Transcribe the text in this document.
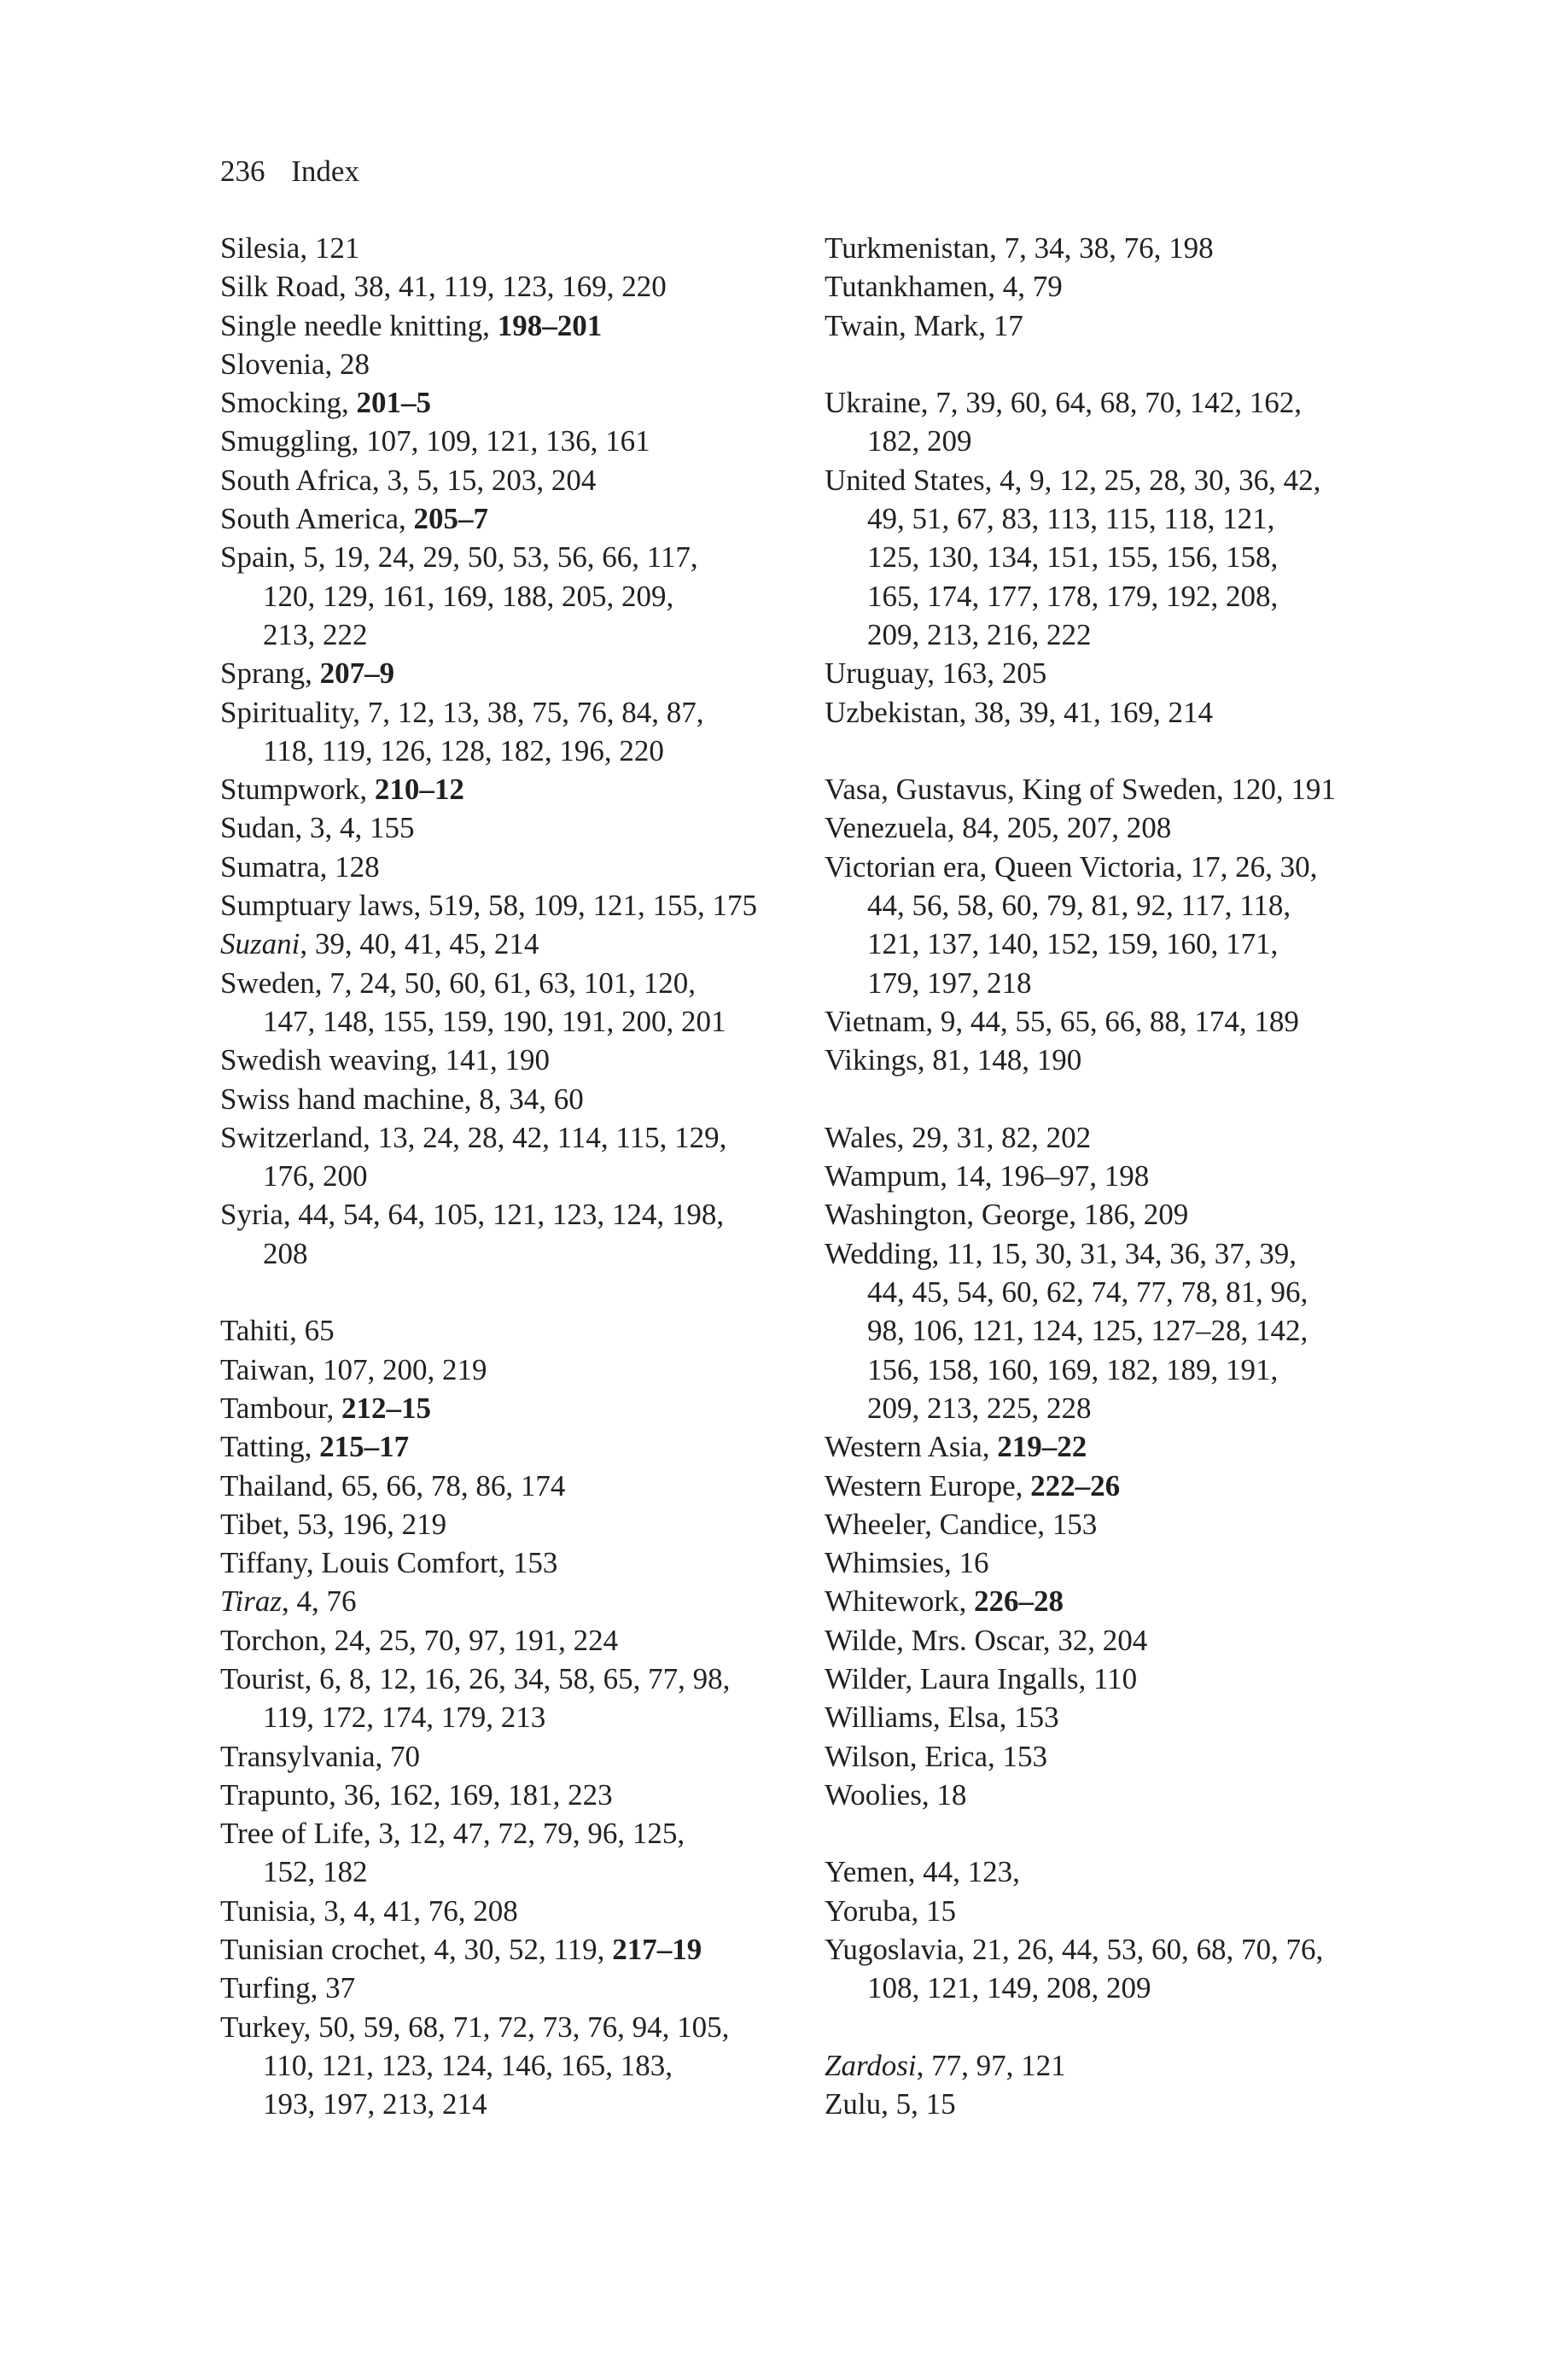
236 Index
Silesia, 121
Silk Road, 38, 41, 119, 123, 169, 220
Single needle knitting, 198–201
Slovenia, 28
Smocking, 201–5
Smuggling, 107, 109, 121, 136, 161
South Africa, 3, 5, 15, 203, 204
South America, 205–7
Spain, 5, 19, 24, 29, 50, 53, 56, 66, 117,
120, 129, 161, 169, 188, 205, 209,
213, 222
Sprang, 207–9
Spirituality, 7, 12, 13, 38, 75, 76, 84, 87,
118, 119, 126, 128, 182, 196, 220
Stumpwork, 210–12
Sudan, 3, 4, 155
Sumatra, 128
Sumptuary laws, 519, 58, 109, 121, 155, 175
Suzani, 39, 40, 41, 45, 214
Sweden, 7, 24, 50, 60, 61, 63, 101, 120,
147, 148, 155, 159, 190, 191, 200, 201
Swedish weaving, 141, 190
Swiss hand machine, 8, 34, 60
Switzerland, 13, 24, 28, 42, 114, 115, 129,
176, 200
Syria, 44, 54, 64, 105, 121, 123, 124, 198,
208
Tahiti, 65
Taiwan, 107, 200, 219
Tambour, 212–15
Tatting, 215–17
Thailand, 65, 66, 78, 86, 174
Tibet, 53, 196, 219
Tiffany, Louis Comfort, 153
Tiraz, 4, 76
Torchon, 24, 25, 70, 97, 191, 224
Tourist, 6, 8, 12, 16, 26, 34, 58, 65, 77, 98,
119, 172, 174, 179, 213
Transylvania, 70
Trapunto, 36, 162, 169, 181, 223
Tree of Life, 3, 12, 47, 72, 79, 96, 125,
152, 182
Tunisia, 3, 4, 41, 76, 208
Tunisian crochet, 4, 30, 52, 119, 217–19
Turfing, 37
Turkey, 50, 59, 68, 71, 72, 73, 76, 94, 105,
110, 121, 123, 124, 146, 165, 183,
193, 197, 213, 214
Turkmenistan, 7, 34, 38, 76, 198
Tutankhamen, 4, 79
Twain, Mark, 17
Ukraine, 7, 39, 60, 64, 68, 70, 142, 162,
182, 209
United States, 4, 9, 12, 25, 28, 30, 36, 42,
49, 51, 67, 83, 113, 115, 118, 121,
125, 130, 134, 151, 155, 156, 158,
165, 174, 177, 178, 179, 192, 208,
209, 213, 216, 222
Uruguay, 163, 205
Uzbekistan, 38, 39, 41, 169, 214
Vasa, Gustavus, King of Sweden, 120, 191
Venezuela, 84, 205, 207, 208
Victorian era, Queen Victoria, 17, 26, 30,
44, 56, 58, 60, 79, 81, 92, 117, 118,
121, 137, 140, 152, 159, 160, 171,
179, 197, 218
Vietnam, 9, 44, 55, 65, 66, 88, 174, 189
Vikings, 81, 148, 190
Wales, 29, 31, 82, 202
Wampum, 14, 196–97, 198
Washington, George, 186, 209
Wedding, 11, 15, 30, 31, 34, 36, 37, 39,
44, 45, 54, 60, 62, 74, 77, 78, 81, 96,
98, 106, 121, 124, 125, 127–28, 142,
156, 158, 160, 169, 182, 189, 191,
209, 213, 225, 228
Western Asia, 219–22
Western Europe, 222–26
Wheeler, Candice, 153
Whimsies, 16
Whitework, 226–28
Wilde, Mrs. Oscar, 32, 204
Wilder, Laura Ingalls, 110
Williams, Elsa, 153
Wilson, Erica, 153
Woolies, 18
Yemen, 44, 123,
Yoruba, 15
Yugoslavia, 21, 26, 44, 53, 60, 68, 70, 76,
108, 121, 149, 208, 209
Zardosi, 77, 97, 121
Zulu, 5, 15
